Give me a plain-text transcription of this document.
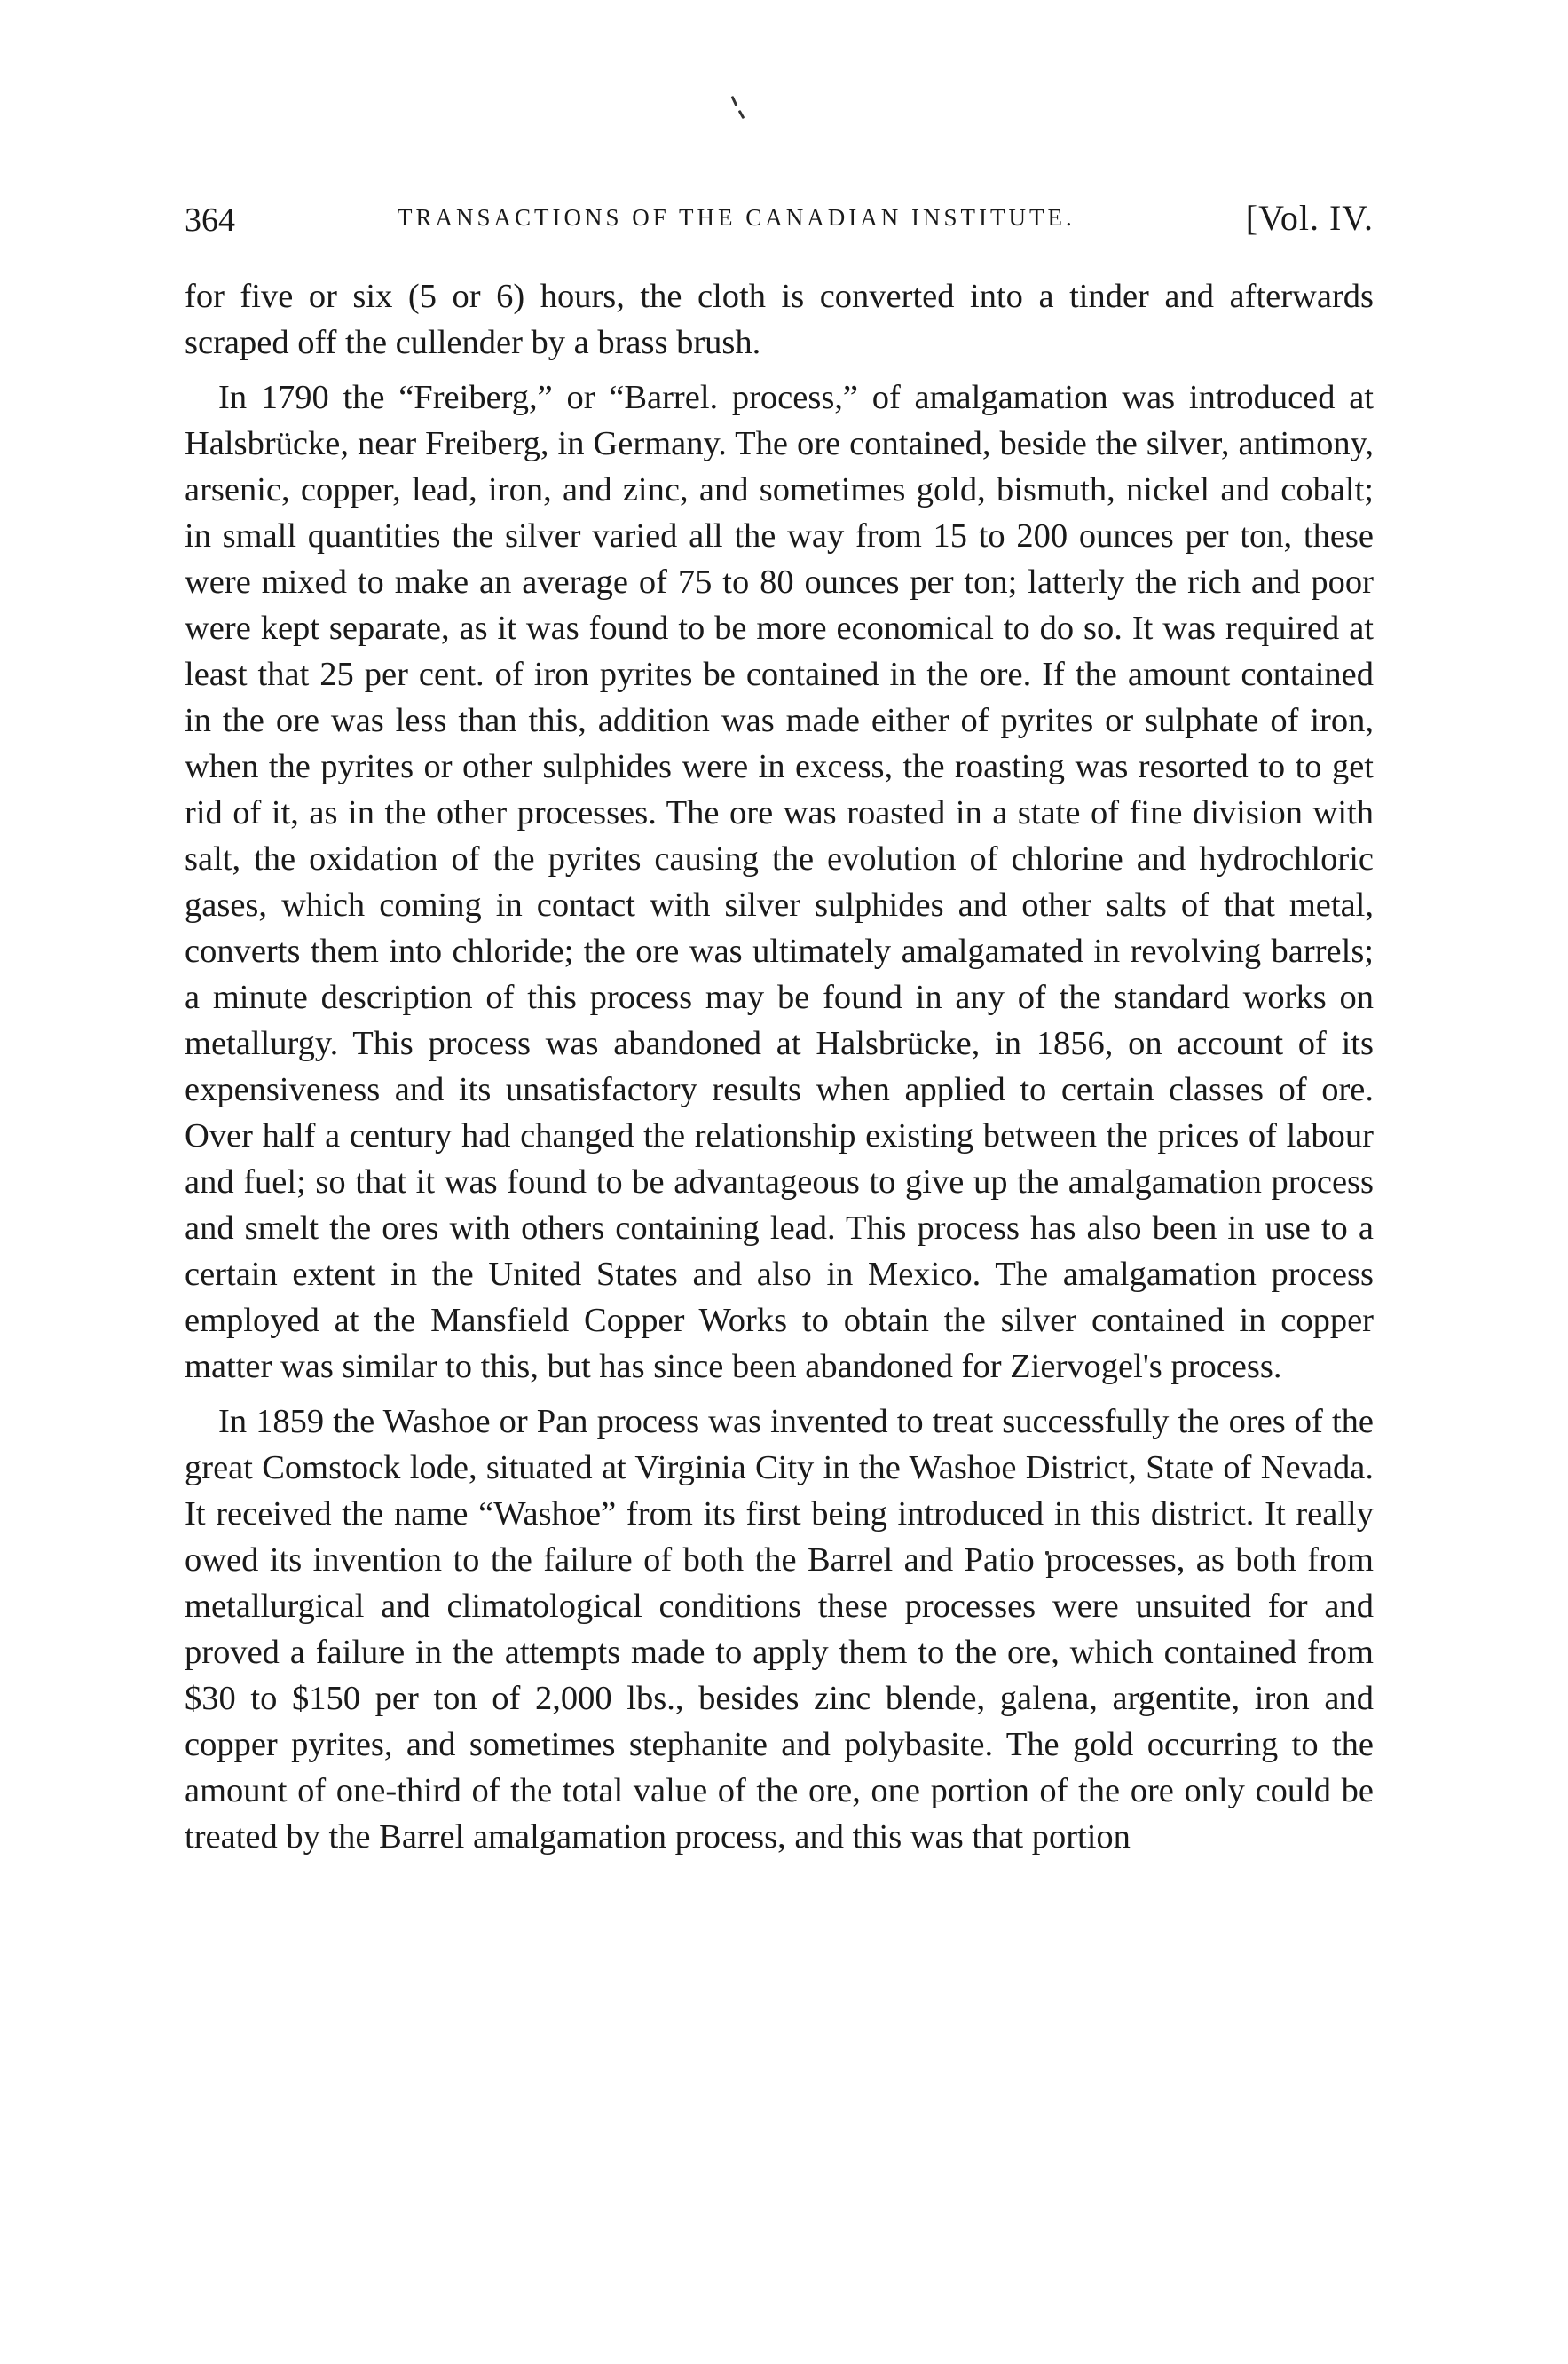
364	TRANSACTIONS OF THE CANADIAN INSTITUTE.	[Vol. IV.

for five or six (5 or 6) hours, the cloth is converted into a tinder and afterwards scraped off the cullender by a brass brush.

In 1790 the “Freiberg,” or “Barrel. process,” of amalgamation was introduced at Halsbrücke, near Freiberg, in Germany. The ore contained, beside the silver, antimony, arsenic, copper, lead, iron, and zinc, and sometimes gold, bismuth, nickel and cobalt; in small quantities the silver varied all the way from 15 to 200 ounces per ton, these were mixed to make an average of 75 to 80 ounces per ton; latterly the rich and poor were kept separate, as it was found to be more economical to do so. It was required at least that 25 per cent. of iron pyrites be contained in the ore. If the amount contained in the ore was less than this, addition was made either of pyrites or sulphate of iron, when the pyrites or other sulphides were in excess, the roasting was resorted to to get rid of it, as in the other processes. The ore was roasted in a state of fine division with salt, the oxidation of the pyrites causing the evolution of chlorine and hydrochloric gases, which coming in contact with silver sulphides and other salts of that metal, converts them into chloride; the ore was ultimately amalgamated in revolving barrels; a minute description of this process may be found in any of the standard works on metallurgy. This process was abandoned at Halsbrücke, in 1856, on account of its expensiveness and its unsatisfactory results when applied to certain classes of ore. Over half a century had changed the relationship existing between the prices of labour and fuel; so that it was found to be advantageous to give up the amalgamation process and smelt the ores with others containing lead. This process has also been in use to a certain extent in the United States and also in Mexico. The amalgamation process employed at the Mansfield Copper Works to obtain the silver contained in copper matter was similar to this, but has since been abandoned for Ziervogel's process.

In 1859 the Washoe or Pan process was invented to treat successfully the ores of the great Comstock lode, situated at Virginia City in the Washoe District, State of Nevada. It received the name “Washoe” from its first being introduced in this district. It really owed its invention to the failure of both the Barrel and Patio processes, as both from metallurgical and climatological conditions these processes were unsuited for and proved a failure in the attempts made to apply them to the ore, which contained from $30 to $150 per ton of 2,000 lbs., besides zinc blende, galena, argentite, iron and copper pyrites, and sometimes stephanite and polybasite. The gold occurring to the amount of one-third of the total value of the ore, one portion of the ore only could be treated by the Barrel amalgamation process, and this was that portion
